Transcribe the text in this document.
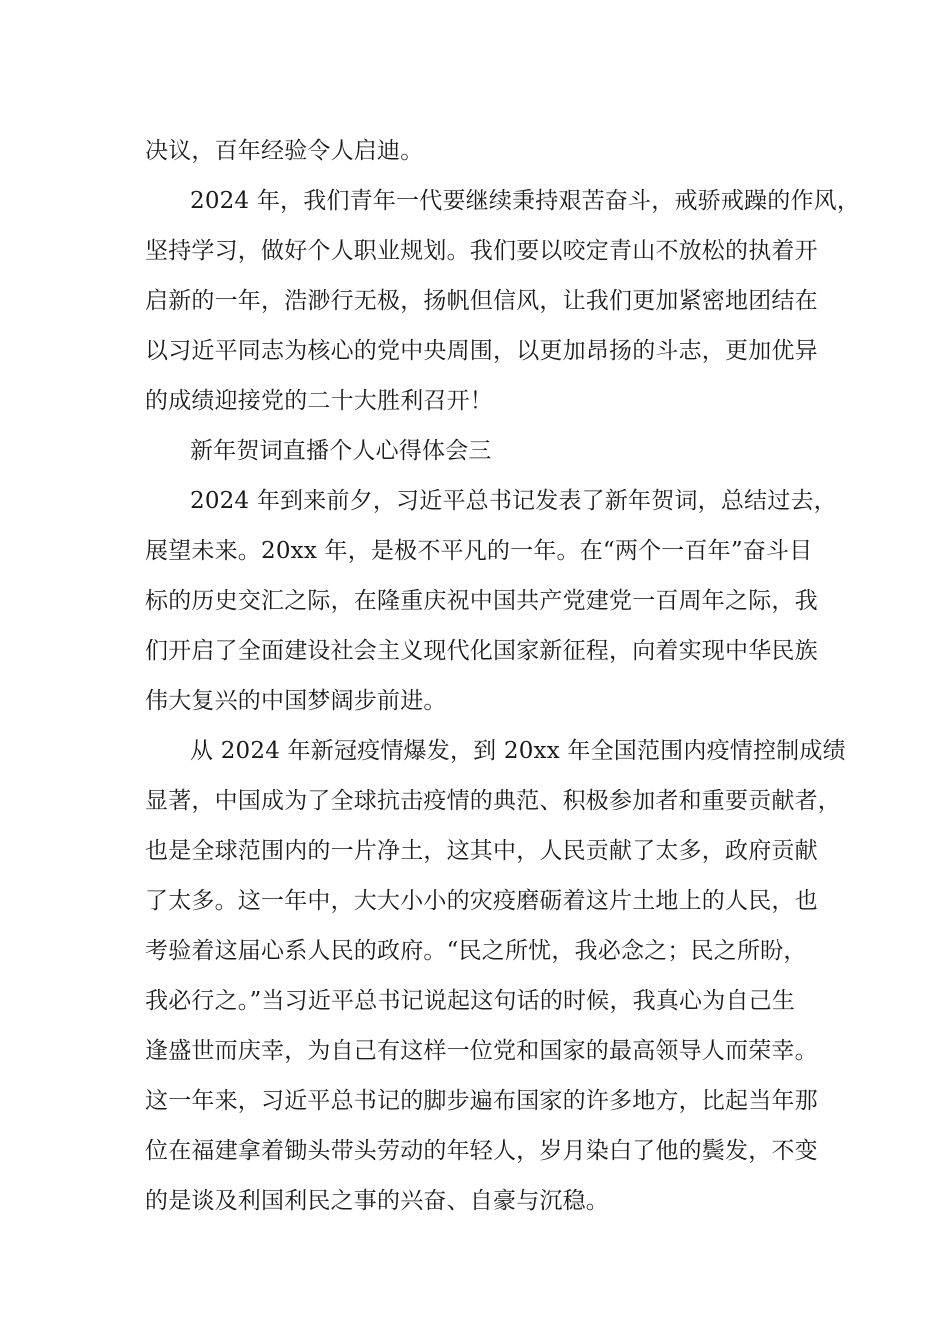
决议，百年经验令人启迪。
2024 年，我们青年一代要继续秉持艰苦奋斗，戒骄戒躁的作风，
坚持学习，做好个人职业规划。我们要以咬定青山不放松的执着开
启新的一年，浩渺行无极，扬帆但信风，让我们更加紧密地团结在
以习近平同志为核心的党中央周围，以更加昂扬的斗志，更加优异
的成绩迎接党的二十大胜利召开！
新年贺词直播个人心得体会三
2024 年到来前夕，习近平总书记发表了新年贺词，总结过去，
展望未来。20xx 年，是极不平凡的一年。在“两个一百年”奋斗目
标的历史交汇之际，在隆重庆祝中国共产党建党一百周年之际，我
们开启了全面建设社会主义现代化国家新征程，向着实现中华民族
伟大复兴的中国梦阔步前进。
从 2024 年新冠疫情爆发，到 20xx 年全国范围内疫情控制成绩
显著，中国成为了全球抗击疫情的典范、积极参加者和重要贡献者，
也是全球范围内的一片净土，这其中，人民贡献了太多，政府贡献
了太多。这一年中，大大小小的灾疫磨砺着这片土地上的人民，也
考验着这届心系人民的政府。“民之所忧，我必念之；民之所盼，
我必行之。”当习近平总书记说起这句话的时候，我真心为自己生
逢盛世而庆幸，为自己有这样一位党和国家的最高领导人而荣幸。
这一年来，习近平总书记的脚步遍布国家的许多地方，比起当年那
位在福建拿着锄头带头劳动的年轻人，岁月染白了他的鬓发，不变
的是谈及利国利民之事的兴奋、自豪与沉稳。
